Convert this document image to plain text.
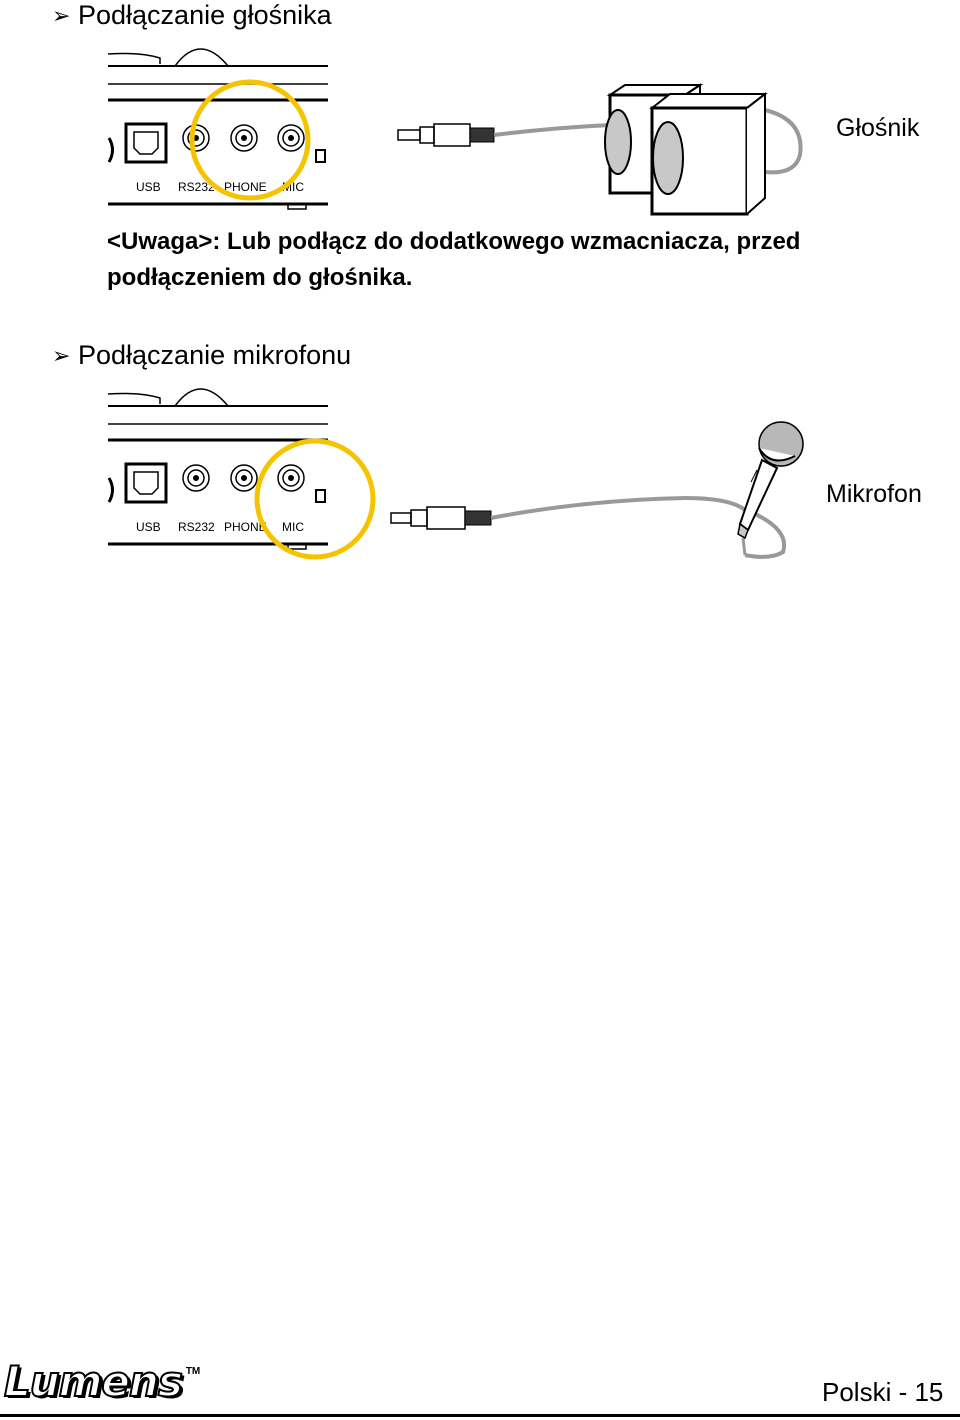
➢ Podłączanie głośnika
USB RS232 PHONE MIC
Głośnik
<Uwaga>: Lub podłącz do dodatkowego wzmacniacza, przed podłączeniem do głośnika.
➢ Podłączanie mikrofonu
USB RS232 PHONE MIC
Mikrofon
Lumens ™
Polski - 15
